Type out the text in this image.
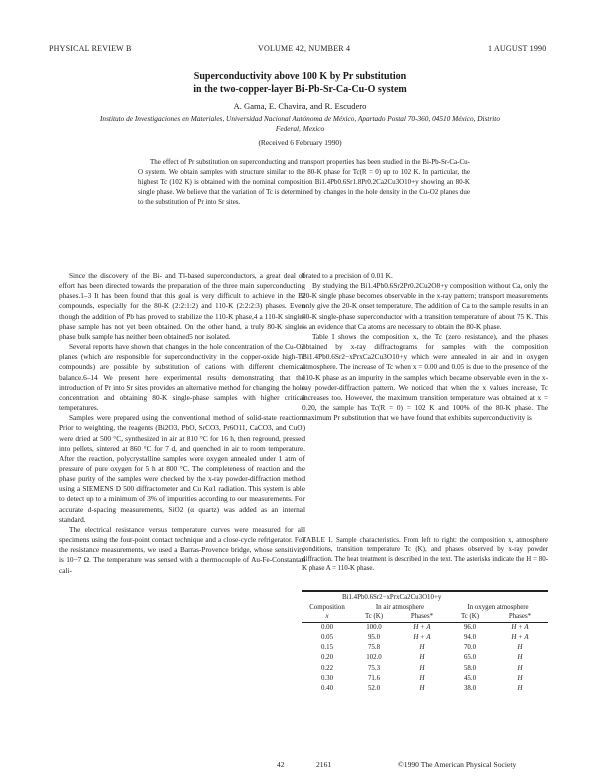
PHYSICAL REVIEW B	VOLUME 42, NUMBER 4	1 AUGUST 1990
Superconductivity above 100 K by Pr substitution
in the two-copper-layer Bi-Pb-Sr-Ca-Cu-O system
A. Gama, E. Chavira, and R. Escudero
Instituto de Investigaciones en Materiales, Universidad Nacional Autónoma de México, Apartado Postal 70-360, 04510 México, Distrito Federal, Mexico
(Received 6 February 1990)
The effect of Pr substitution on superconducting and transport properties has been studied in the Bi-Pb-Sr-Ca-Cu-O system. We obtain samples with structure similar to the 80-K phase for Tc(R = 0) up to 102 K. In particular, the highest Tc (102 K) is obtained with the nominal composition Bi1.4Pb0.6Sr1.8Pr0.2Ca2Cu3O10+y showing an 80-K single phase. We believe that the variation of Tc is determined by changes in the hole density in the Cu-O2 planes due to the substitution of Pr into Sr sites.

Since the discovery of the Bi- and Tl-based superconductors, a great deal of effort has been directed towards the preparation of the three main superconducting phases.1–3 It has been found that this goal is very difficult to achieve in the Bi compounds, especially for the 80-K (2:2:1:2) and 110-K (2:2:2:3) phases. Even though the addition of Pb has proved to stabilize the 110-K phase,4 a 110-K single-phase sample has not yet been obtained. On the other hand, a truly 80-K single-phase bulk sample has neither been obtained5 nor isolated.

Several reports have shown that changes in the hole concentration of the Cu-O2 planes (which are responsible for superconductivity in the copper-oxide high-Tc compounds) are possible by substitution of cations with different chemical balance.6–14 We present here experimental results demonstrating that the introduction of Pr into Sr sites provides an alternative method for changing the hole concentration and obtaining 80-K single-phase samples with higher critical temperatures.

Samples were prepared using the conventional method of solid-state reaction. Prior to weighting, the reagents (Bi2O3, PbO, SrCO3, Pr6O11, CaCO3, and CuO) were dried at 500 °C, synthesized in air at 810 °C for 16 h, then reground, pressed into pellets, sintered at 860 °C for 7 d, and quenched in air to room temperature. After the reaction, polycrystalline samples were oxygen annealed under 1 atm of pressure of pure oxygen for 5 h at 800 °C. The completeness of reaction and the phase purity of the samples were checked by the x-ray powder-diffraction method using a SIEMENS D 500 diffractometer and Cu Kα1 radiation. This system is able to detect up to a minimum of 3% of impurities according to our measurements. For accurate d-spacing measurements, SiO2 (α quartz) was added as an internal standard.

The electrical resistance versus temperature curves were measured for all specimens using the four-point contact technique and a close-cycle refrigerator. For the resistance measurements, we used a Barras-Provence bridge, whose sensitivity is 10−7 Ω. The temperature was sensed with a thermocouple of Au-Fe-Constantan cali-

brated to a precision of 0.01 K.

By studying the Bi1.4Pb0.6Sr2Pr0.2Cu2O8+y composition without Ca, only the 20-K single phase becomes observable in the x-ray pattern; transport measurements only give the 20-K onset temperature. The addition of Ca to the sample results in an 80-K single-phase superconductor with a transition temperature of about 75 K. This is an evidence that Ca atoms are necessary to obtain the 80-K phase.

Table I shows the composition x, the Tc (zero resistance), and the phases obtained by x-ray diffractograms for samples with the composition Bi1.4Pb0.6Sr2−xPrxCa2Cu3O10+y which were annealed in air and in oxygen atmosphere. The increase of Tc when x = 0.00 and 0.05 is due to the presence of the 110-K phase as an impurity in the samples which became observable even in the x-ray powder-diffraction pattern. We noticed that when the x values increase, Tc increases too. However, the maximum transition temperature was obtained at x = 0.20, the sample has Tc(R = 0) = 102 K and 100% of the 80-K phase. The maximum Pr substitution that we have found that exhibits superconductivity is

TABLE I. Sample characteristics. From left to right: the composition x, atmosphere conditions, transition temperature Tc (K), and phases observed by x-ray powder diffraction. The heat treatment is described in the text. The asterisks indicate the H = 80-K phase A = 110-K phase.
Bi1.4Pb0.6Sr2−xPrxCa2Cu3O10+y
Composition	In air atmosphere	In oxygen atmosphere
x	Tc (K)	Phases*	Tc (K)	Phases*
0.00	100.0	H + A	96.0	H + A
0.05	95.0	H + A	94.0	H + A
0.15	75.8	H	70.0	H
0.20	102.0	H	65.0	H
0.22	75.3	H	58.0	H
0.30	71.6	H	45.0	H
0.40	52.0	H	38.0	H
42	2161	©1990 The American Physical Society
